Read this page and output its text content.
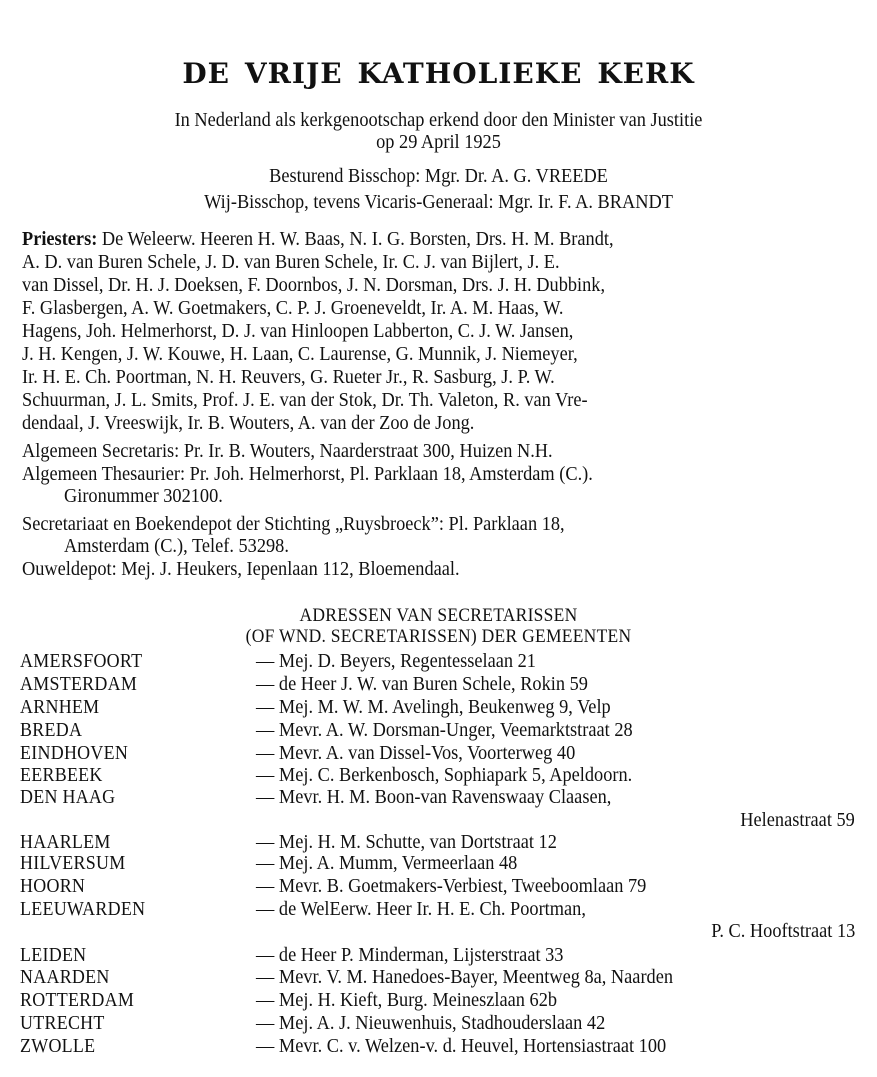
de vrije katholieke kerk
In Nederland als kerkgenootschap erkend door den Minister van Justitie
op 29 April 1925
Besturend Bisschop: Mgr. Dr. A. G. VREEDE
Wij-Bisschop, tevens Vicaris-Generaal: Mgr. Ir. F. A. BRANDT
Priesters: De Weleerw. Heeren H. W. Baas, N. I. G. Borsten, Drs. H. M. Brandt,
A. D. van Buren Schele, J. D. van Buren Schele, Ir. C. J. van Bijlert, J. E.
van Dissel, Dr. H. J. Doeksen, F. Doornbos, J. N. Dorsman, Drs. J. H. Dubbink,
F. Glasbergen, A. W. Goetmakers, C. P. J. Groeneveldt, Ir. A. M. Haas, W.
Hagens, Joh. Helmerhorst, D. J. van Hinloopen Labberton, C. J. W. Jansen,
J. H. Kengen, J. W. Kouwe, H. Laan, C. Laurense, G. Munnik, J. Niemeyer,
Ir. H. E. Ch. Poortman, N. H. Reuvers, G. Rueter Jr., R. Sasburg, J. P. W.
Schuurman, J. L. Smits, Prof. J. E. van der Stok, Dr. Th. Valeton, R. van Vre-
dendaal, J. Vreeswijk, Ir. B. Wouters, A. van der Zoo de Jong.
Algemeen Secretaris: Pr. Ir. B. Wouters, Naarderstraat 300, Huizen N.H.
Algemeen Thesaurier: Pr. Joh. Helmerhorst, Pl. Parklaan 18, Amsterdam (C.).
Gironummer 302100.
Secretariaat en Boekendepot der Stichting „Ruysbroeck”: Pl. Parklaan 18,
Amsterdam (C.), Telef. 53298.
Ouweldepot: Mej. J. Heukers, Iepenlaan 112, Bloemendaal.
ADRESSEN VAN SECRETARISSEN
(OF WND. SECRETARISSEN) DER GEMEENTEN
AMERSFOORT	— Mej. D. Beyers, Regentesselaan 21
AMSTERDAM	— de Heer J. W. van Buren Schele, Rokin 59
ARNHEM	— Mej. M. W. M. Avelingh, Beukenweg 9, Velp
BREDA	— Mevr. A. W. Dorsman-Unger, Veemarktstraat 28
EINDHOVEN	— Mevr. A. van Dissel-Vos, Voorterweg 40
EERBEEK	— Mej. C. Berkenbosch, Sophiapark 5, Apeldoorn.
DEN HAAG	— Mevr. H. M. Boon-van Ravenswaay Claasen,
Helenastraat 59
HAARLEM	— Mej. H. M. Schutte, van Dortstraat 12
HILVERSUM	— Mej. A. Mumm, Vermeerlaan 48
HOORN	— Mevr. B. Goetmakers-Verbiest, Tweeboomlaan 79
LEEUWARDEN	— de WelEerw. Heer Ir. H. E. Ch. Poortman,
P. C. Hooftstraat 13
LEIDEN	— de Heer P. Minderman, Lijsterstraat 33
NAARDEN	— Mevr. V. M. Hanedoes-Bayer, Meentweg 8a, Naarden
ROTTERDAM	— Mej. H. Kieft, Burg. Meineszlaan 62b
UTRECHT	— Mej. A. J. Nieuwenhuis, Stadhouderslaan 42
ZWOLLE	— Mevr. C. v. Welzen-v. d. Heuvel, Hortensiastraat 100
